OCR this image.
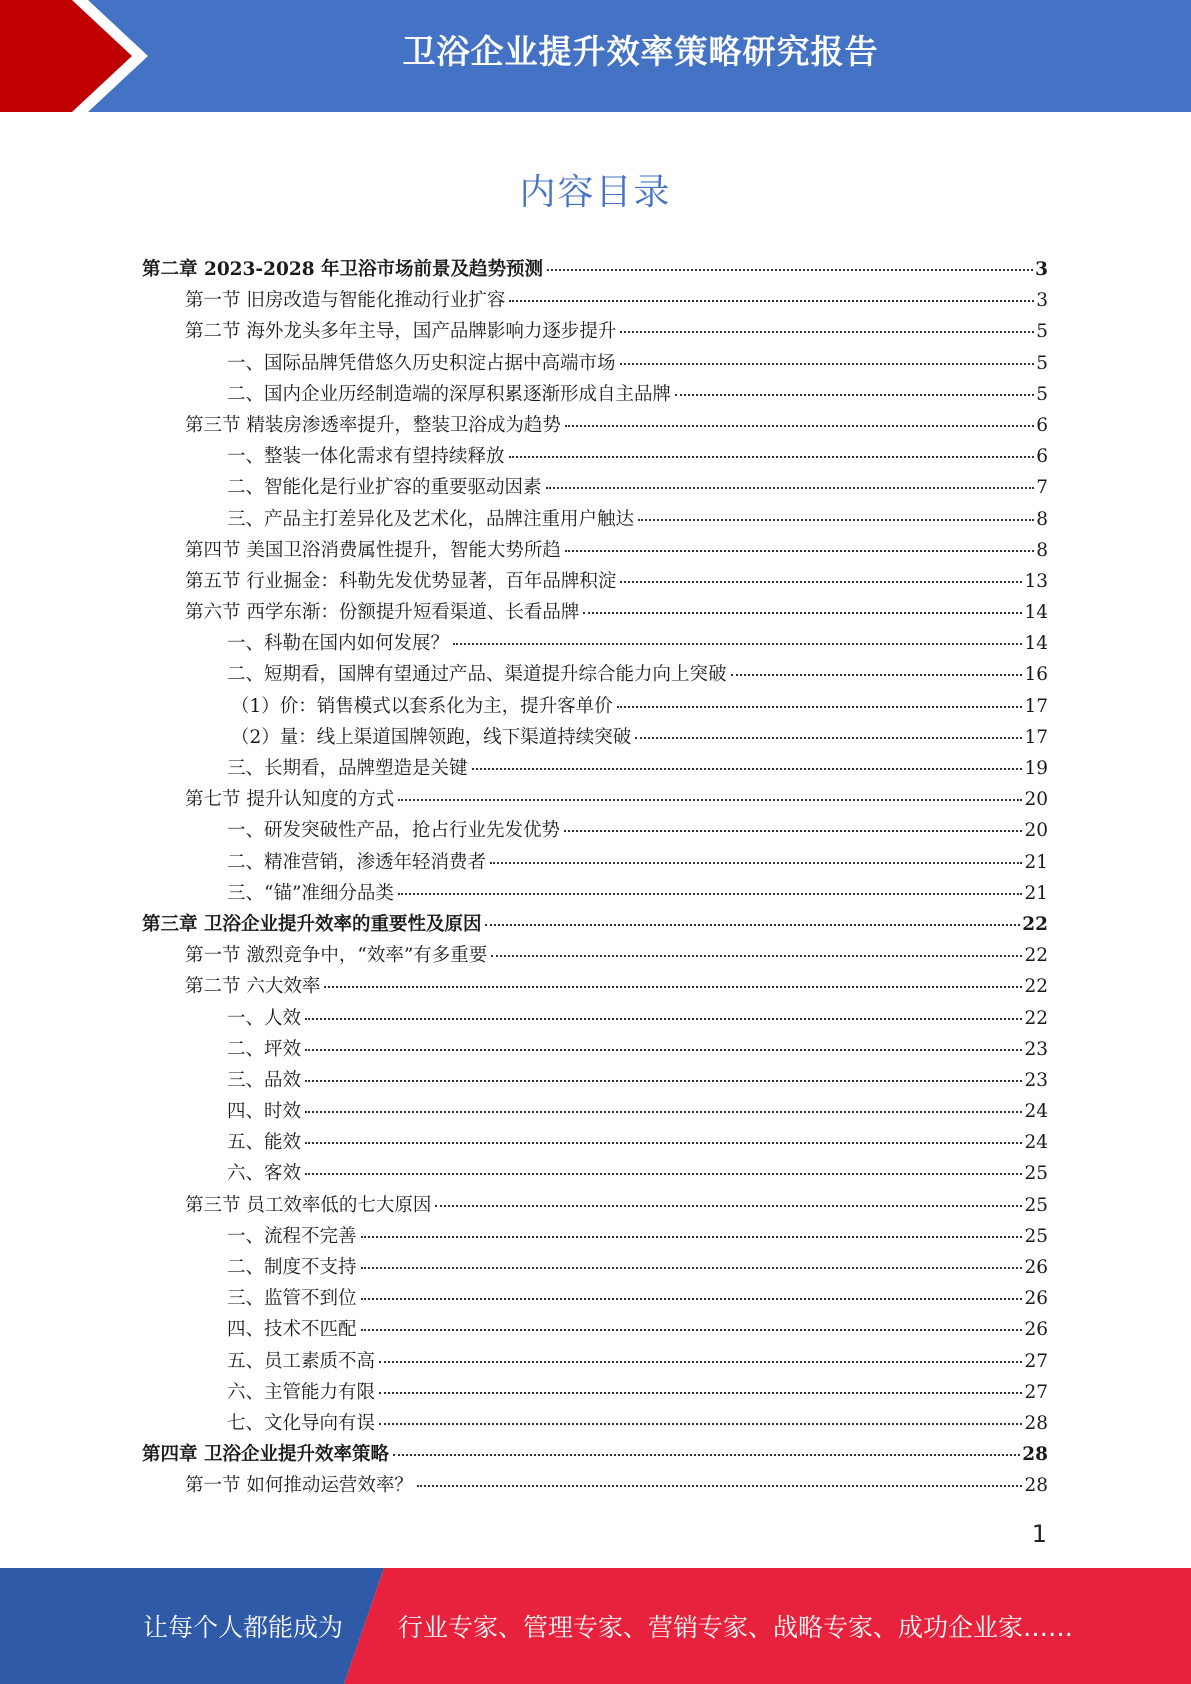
卫浴企业提升效率策略研究报告
内容目录
第二章 2023-2028 年卫浴市场前景及趋势预测	3
第一节 旧房改造与智能化推动行业扩容	3
第二节 海外龙头多年主导，国产品牌影响力逐步提升	5
一、国际品牌凭借悠久历史积淀占据中高端市场	5
二、国内企业历经制造端的深厚积累逐渐形成自主品牌	5
第三节 精装房渗透率提升，整装卫浴成为趋势	6
一、整装一体化需求有望持续释放	6
二、智能化是行业扩容的重要驱动因素	7
三、产品主打差异化及艺术化，品牌注重用户触达	8
第四节 美国卫浴消费属性提升，智能大势所趋	8
第五节 行业掘金：科勒先发优势显著，百年品牌积淀	13
第六节 西学东渐：份额提升短看渠道、长看品牌	14
一、科勒在国内如何发展？	14
二、短期看，国牌有望通过产品、渠道提升综合能力向上突破	16
（1）价：销售模式以套系化为主，提升客单价	17
（2）量：线上渠道国牌领跑，线下渠道持续突破	17
三、长期看，品牌塑造是关键	19
第七节 提升认知度的方式	20
一、研发突破性产品，抢占行业先发优势	20
二、精准营销，渗透年轻消费者	21
三、“锚”准细分品类	21
第三章 卫浴企业提升效率的重要性及原因	22
第一节 激烈竞争中，“效率”有多重要	22
第二节 六大效率	22
一、人效	22
二、坪效	23
三、品效	23
四、时效	24
五、能效	24
六、客效	25
第三节 员工效率低的七大原因	25
一、流程不完善	25
二、制度不支持	26
三、监管不到位	26
四、技术不匹配	26
五、员工素质不高	27
六、主管能力有限	27
七、文化导向有误	28
第四章 卫浴企业提升效率策略	28
第一节 如何推动运营效率？	28
1
让每个人都能成为 行业专家、管理专家、营销专家、战略专家、成功企业家……
